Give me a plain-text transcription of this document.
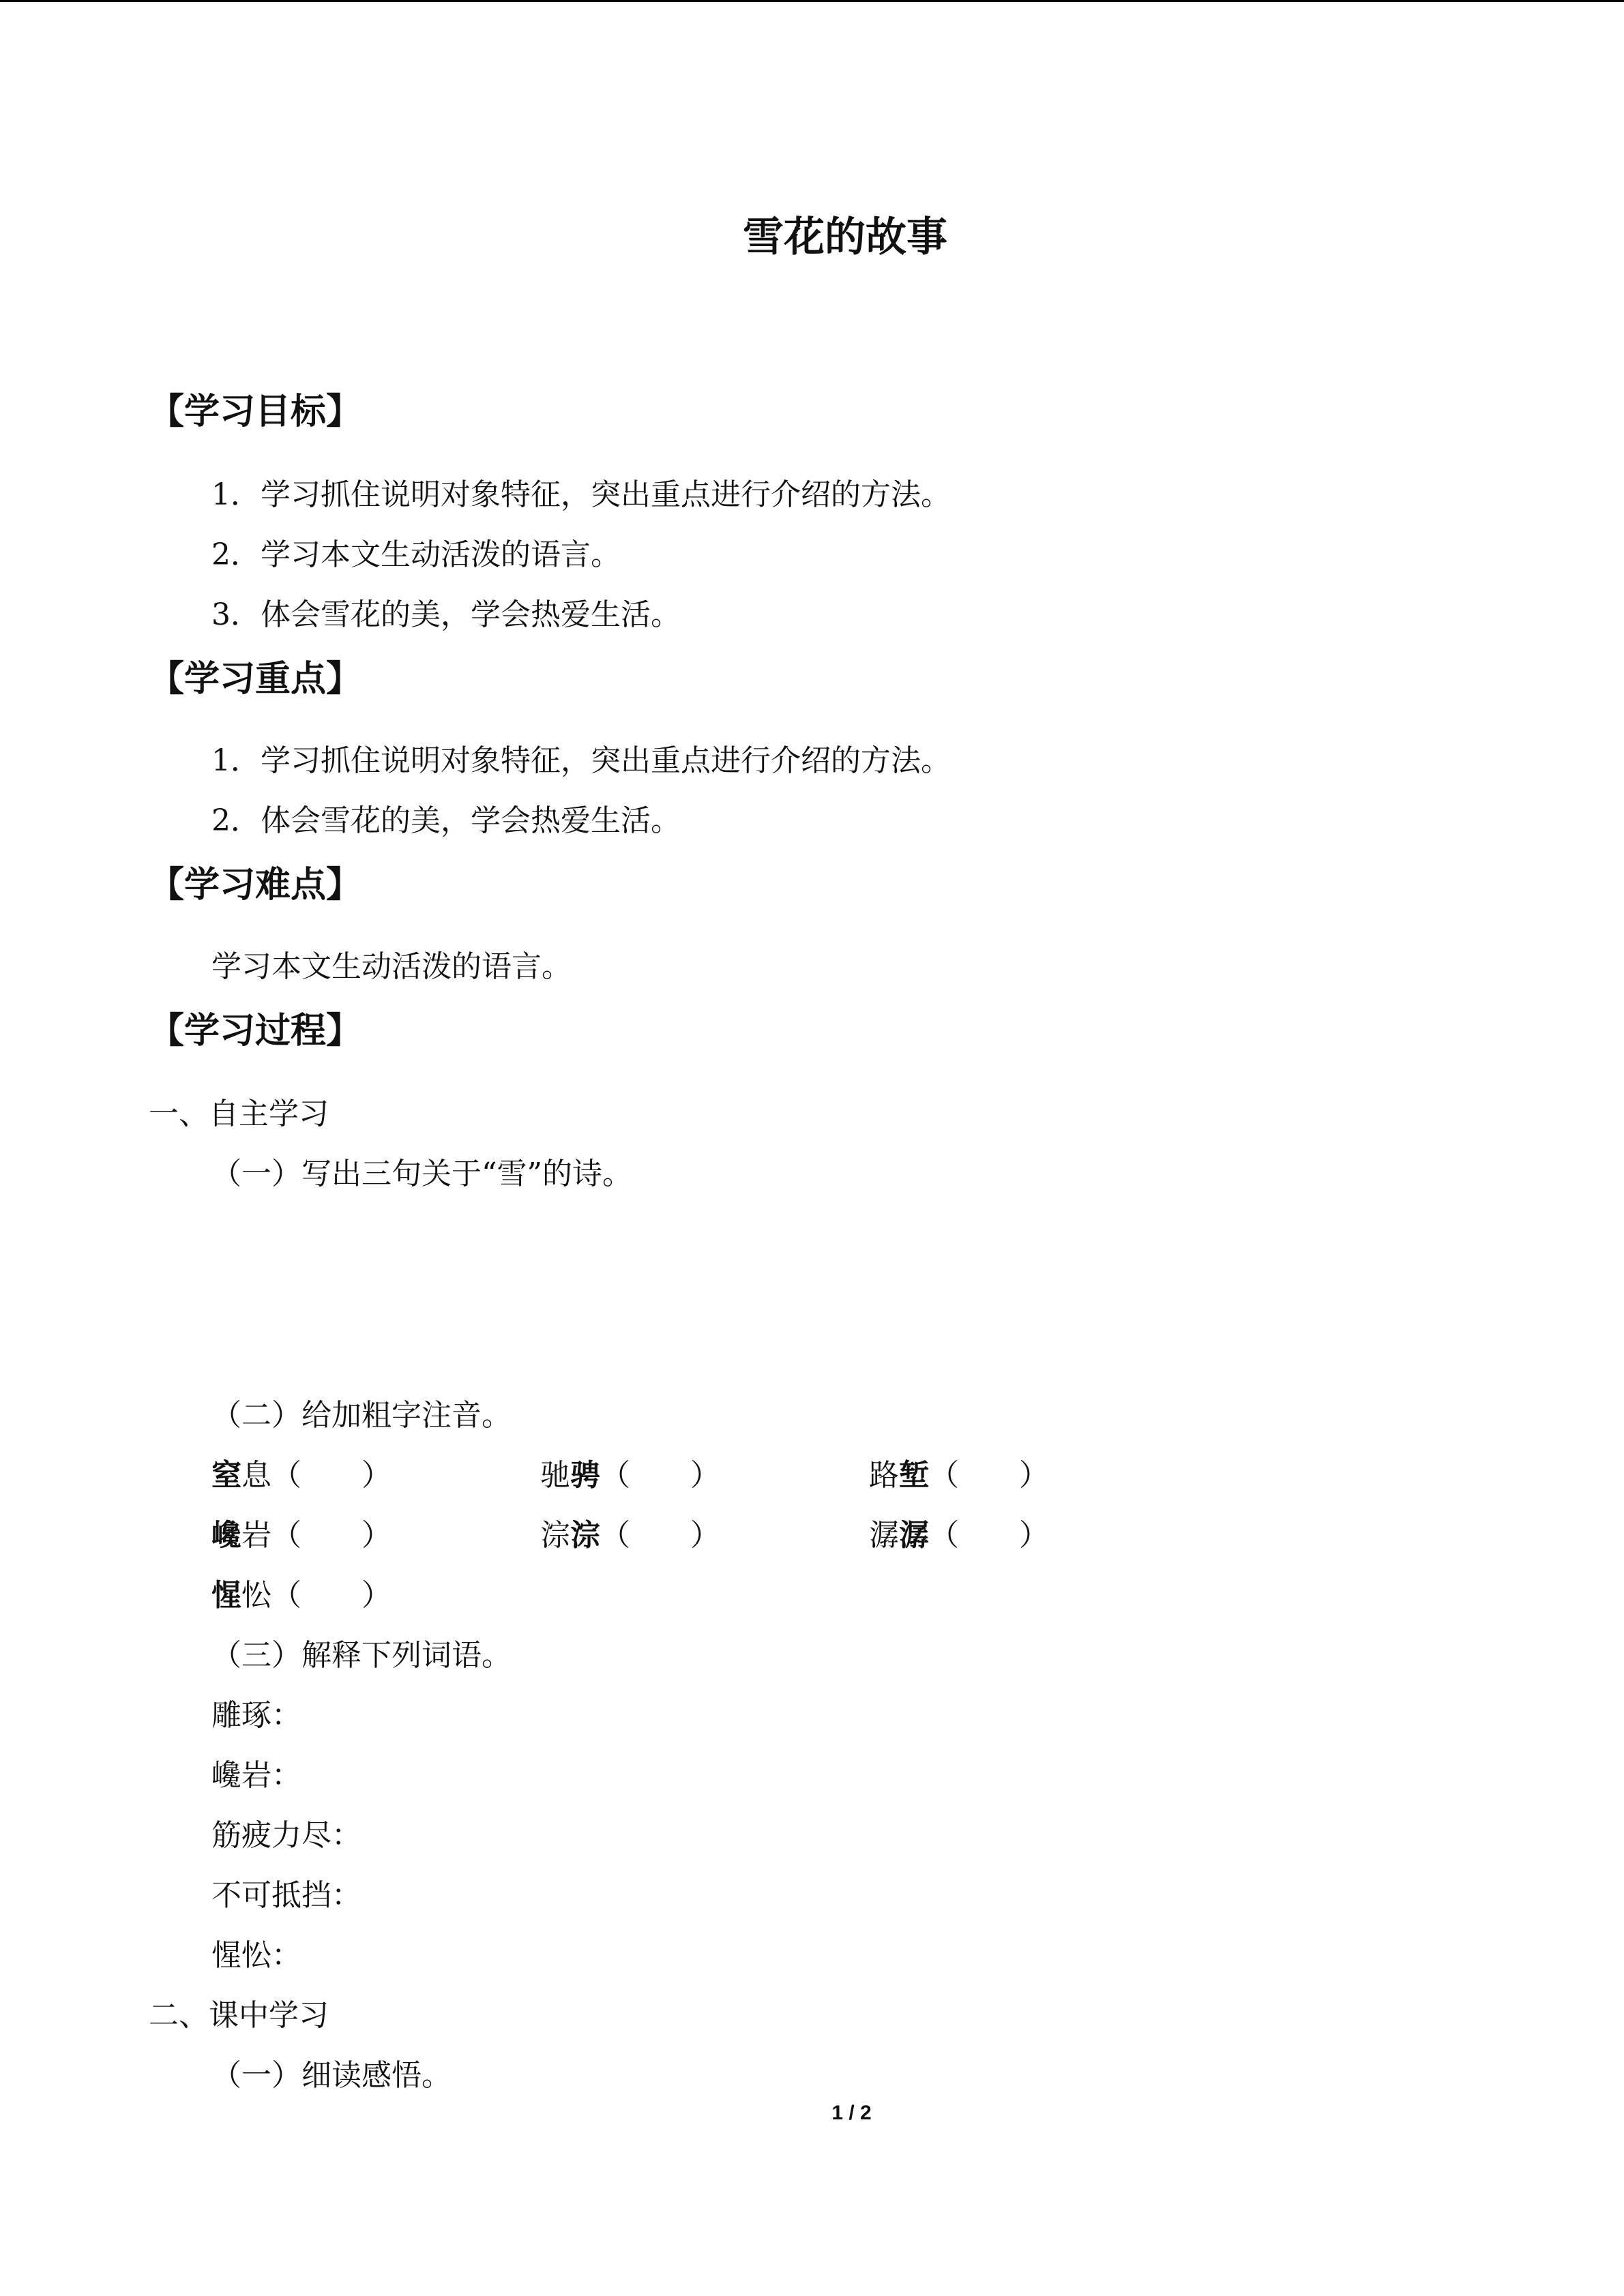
雪花的故事
【学习目标】
1．学习抓住说明对象特征，突出重点进行介绍的方法。
2．学习本文生动活泼的语言。
3．体会雪花的美，学会热爱生活。
【学习重点】
1．学习抓住说明对象特征，突出重点进行介绍的方法。
2．体会雪花的美，学会热爱生活。
【学习难点】
学习本文生动活泼的语言。
【学习过程】
一、自主学习
（一）写出三句关于“雪”的诗。
（二）给加粗字注音。
窒息（　　）	驰骋（　　）	路堑（　　）
巉岩（　　）	淙淙（　　）	潺潺（　　）
惺忪（　　）
（三）解释下列词语。
雕琢：
巉岩：
筋疲力尽：
不可抵挡：
惺忪：
二、课中学习
（一）细读感悟。
1 / 2
